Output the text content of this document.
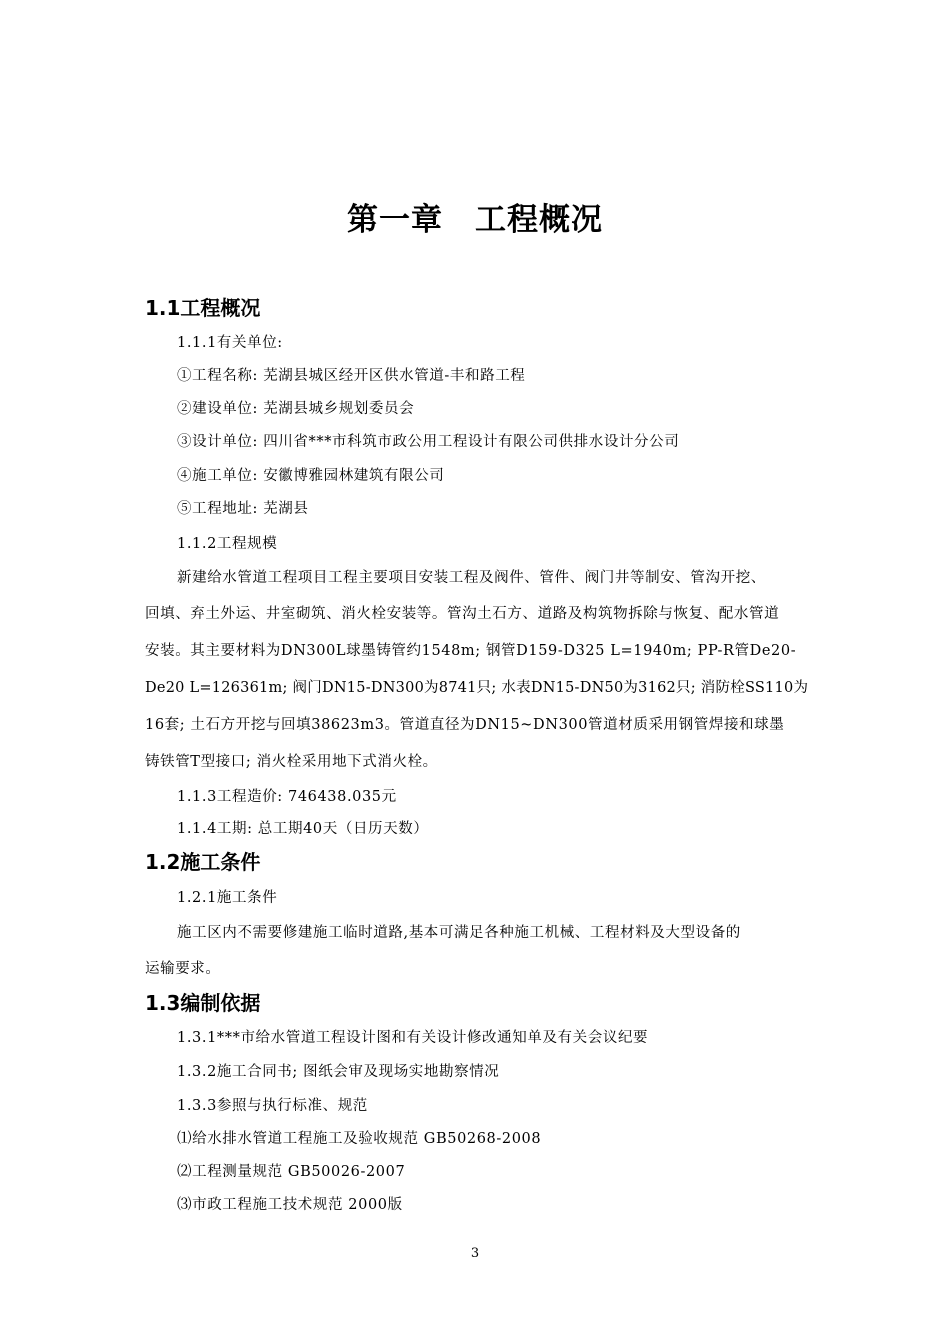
第一章　工程概况
1.1工程概况
1.1.1有关单位:
①工程名称: 芜湖县城区经开区供水管道-丰和路工程
②建设单位: 芜湖县城乡规划委员会
③设计单位: 四川省***市科筑市政公用工程设计有限公司供排水设计分公司
④施工单位: 安徽博雅园林建筑有限公司
⑤工程地址: 芜湖县
1.1.2工程规模
新建给水管道工程项目工程主要项目安装工程及阀件、管件、阀门井等制安、管沟开挖、
回填、弃土外运、井室砌筑、消火栓安装等。管沟土石方、道路及构筑物拆除与恢复、配水管道
安装。其主要材料为DN300L球墨铸管约1548m; 钢管D159-D325 L=1940m; PP-R管De20-
De20 L=126361m; 阀门DN15-DN300为8741只; 水表DN15-DN50为3162只; 消防栓SS110为
16套; 土石方开挖与回填38623m3。管道直径为DN15~DN300管道材质采用钢管焊接和球墨
铸铁管T型接口; 消火栓采用地下式消火栓。
1.1.3工程造价: 746438.035元
1.1.4工期: 总工期40天（日历天数）
1.2施工条件
1.2.1施工条件
施工区内不需要修建施工临时道路,基本可满足各种施工机械、工程材料及大型设备的
运输要求。
1.3编制依据
1.3.1***市给水管道工程设计图和有关设计修改通知单及有关会议纪要
1.3.2施工合同书; 图纸会审及现场实地勘察情况
1.3.3参照与执行标准、规范
⑴给水排水管道工程施工及验收规范 GB50268-2008
⑵工程测量规范 GB50026-2007
⑶市政工程施工技术规范 2000版
3
